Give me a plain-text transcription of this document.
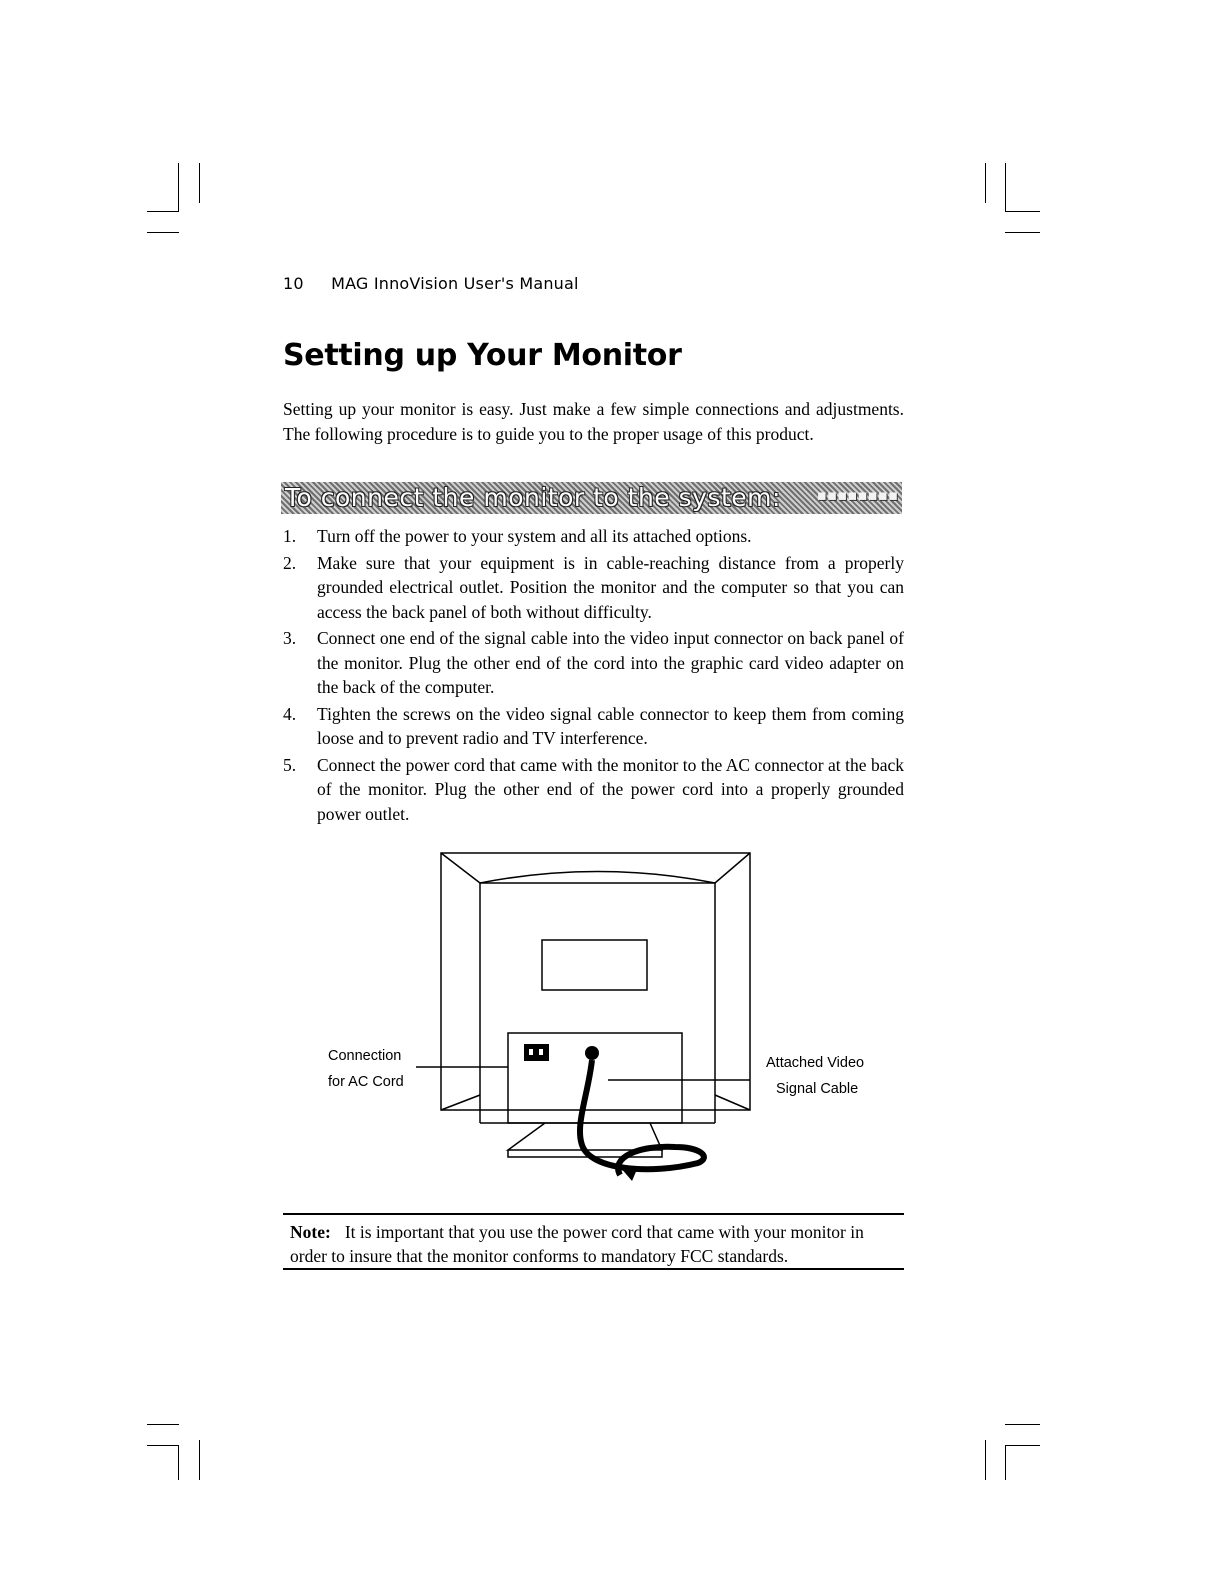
10 MAG InnoVision User's Manual
Setting up Your Monitor

Setting up your monitor is easy. Just make a few simple connections and adjustments. The following procedure is to guide you to the proper usage of this product.

To connect the monitor to the system: ▪▪▪▪▪▪▪▪
1. Turn off the power to your system and all its attached options.
2. Make sure that your equipment is in cable-reaching distance from a properly grounded electrical outlet. Position the monitor and the computer so that you can access the back panel of both without difficulty.
3. Connect one end of the signal cable into the video input connector on back panel of the monitor. Plug the other end of the cord into the graphic card video adapter on the back of the computer.
4. Tighten the screws on the video signal cable connector to keep them from coming loose and to prevent radio and TV interference.
5. Connect the power cord that came with the monitor to the AC connector at the back of the monitor. Plug the other end of the power cord into a properly grounded power outlet.
Connection
for AC Cord
Attached Video
Signal Cable
Note: It is important that you use the power cord that came with your monitor in order to insure that the monitor conforms to mandatory FCC standards.
